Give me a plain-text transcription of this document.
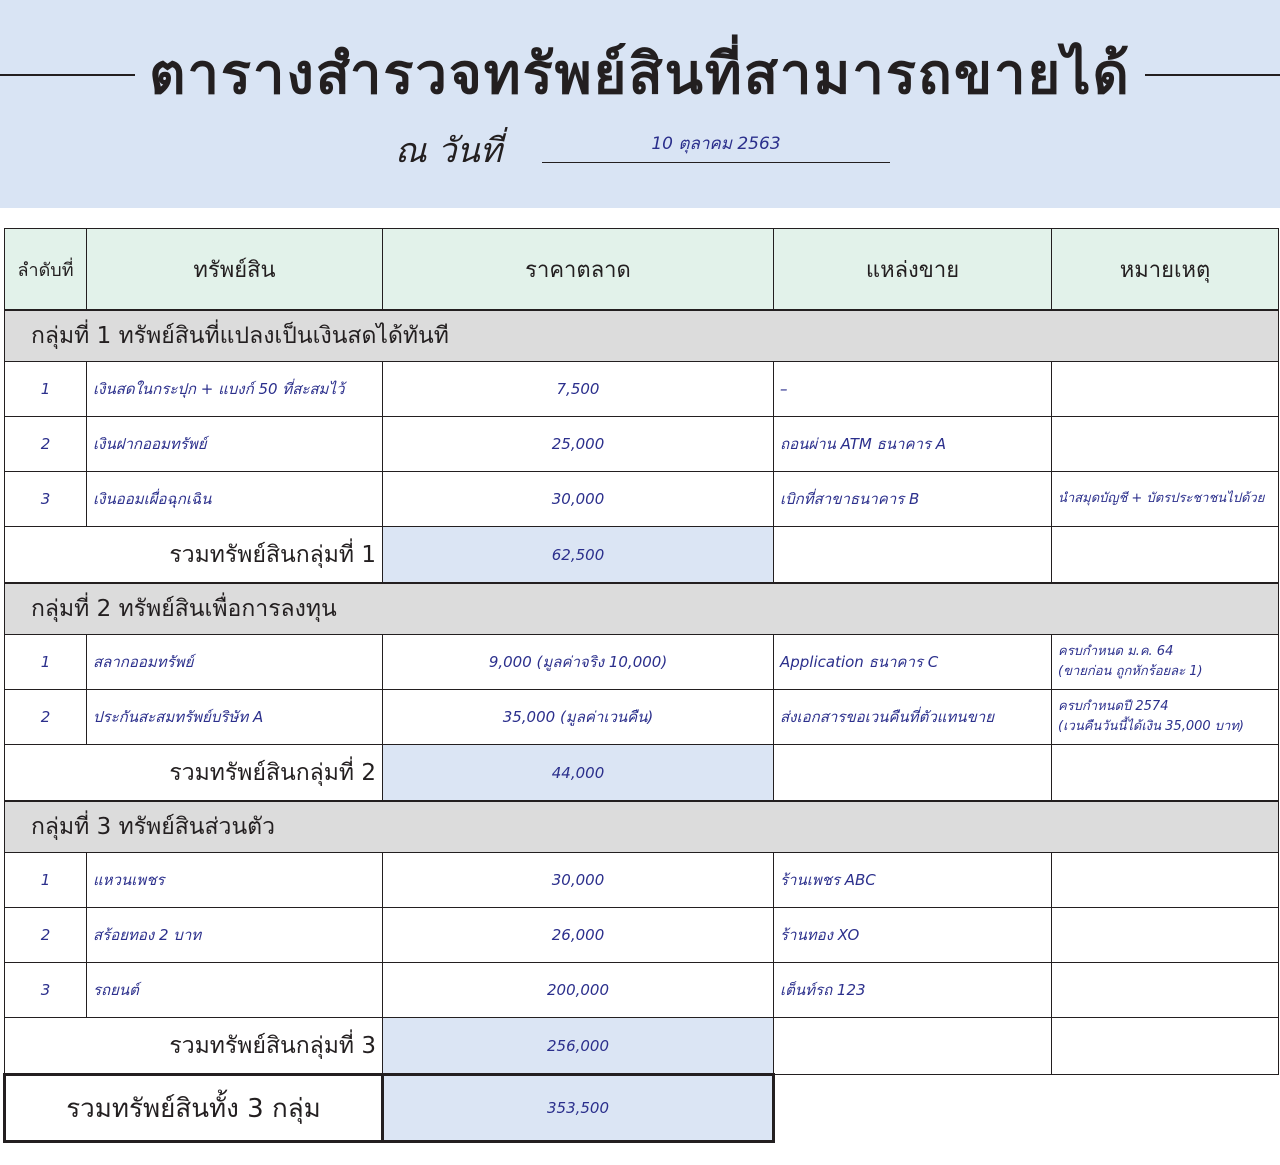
ตารางสำรวจทรัพย์สินที่สามารถขายได้
ณ วันที่	10 ตุลาคม 2563
ลำดับที่	ทรัพย์สิน	ราคาตลาด	แหล่งขาย	หมายเหตุ
กลุ่มที่ 1 ทรัพย์สินที่แปลงเป็นเงินสดได้ทันที				
1	เงินสดในกระปุก + แบงก์ 50 ที่สะสมไว้	7,500	–	
2	เงินฝากออมทรัพย์	25,000	ถอนผ่าน ATM ธนาคาร A	
3	เงินออมเผื่อฉุกเฉิน	30,000	เบิกที่สาขาธนาคาร B	นำสมุดบัญชี + บัตรประชาชนไปด้วย

รวมทรัพย์สินกลุ่มที่ 1		62,500		
กลุ่มที่ 2 ทรัพย์สินเพื่อการลงทุน				
1	สลากออมทรัพย์	9,000 (มูลค่าจริง 10,000)	Application ธนาคาร C	ครบกำหนด ม.ค. 64
(ขายก่อน ถูกหักร้อยละ 1)

2	ประกันสะสมทรัพย์บริษัท A	35,000 (มูลค่าเวนคืน)	ส่งเอกสารขอเวนคืนที่ตัวแทนขาย	ครบกำหนดปี 2574
(เวนคืนวันนี้ได้เงิน 35,000 บาท)

รวมทรัพย์สินกลุ่มที่ 2		44,000		
กลุ่มที่ 3 ทรัพย์สินส่วนตัว				
1	แหวนเพชร	30,000	ร้านเพชร ABC	
2	สร้อยทอง 2 บาท	26,000	ร้านทอง XO	
3	รถยนต์	200,000	เต็นท์รถ 123	
รวมทรัพย์สินกลุ่มที่ 3		256,000		
รวมทรัพย์สินทั้ง 3 กลุ่ม		353,500		
